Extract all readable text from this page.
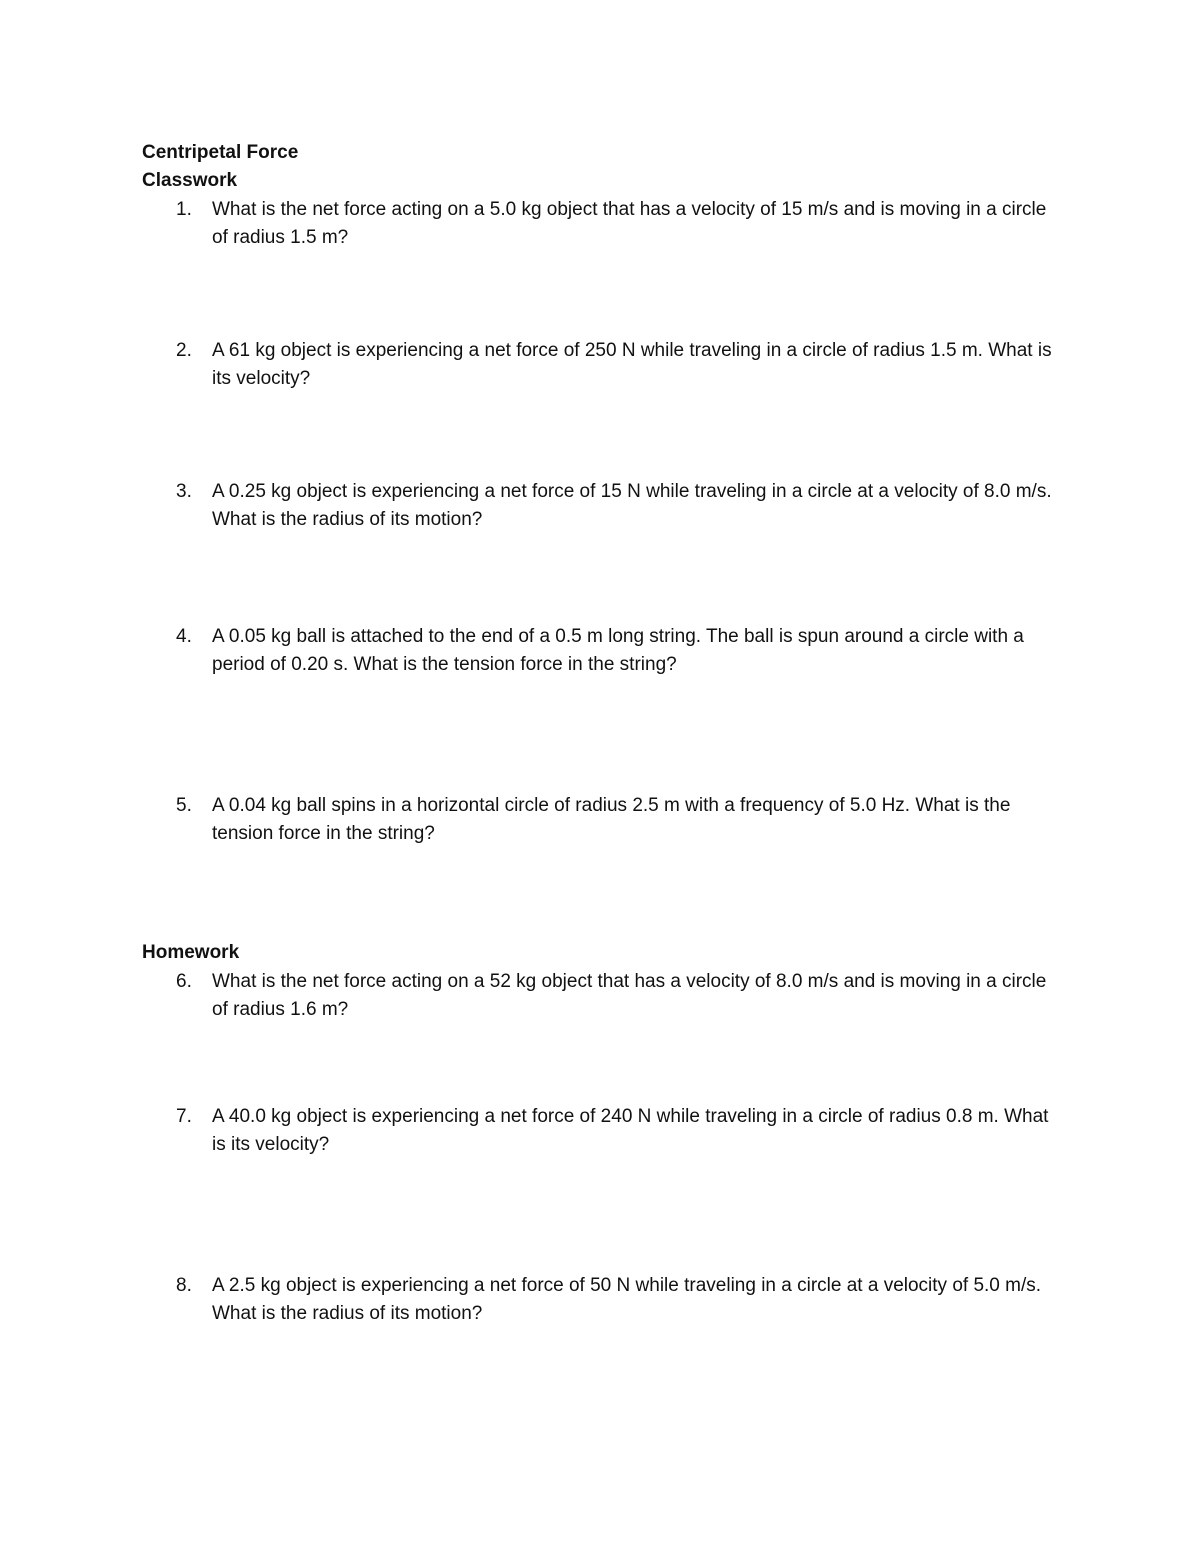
Centripetal Force
Classwork
1.	What is the net force acting on a 5.0 kg object that has a velocity of 15 m/s and is moving in a circle of radius 1.5 m?

2.	A 61 kg object is experiencing a net force of 250 N while traveling in a circle of radius 1.5 m. What is its velocity?

3.	A 0.25 kg object is experiencing a net force of 15 N while traveling in a circle at a velocity of 8.0 m/s. What is the radius of its motion?

4.	A 0.05 kg ball is attached to the end of a 0.5 m long string. The ball is spun around a circle with a period of 0.20 s. What is the tension force in the string?

5.	A 0.04 kg ball spins in a horizontal circle of radius 2.5 m with a frequency of 5.0 Hz. What is the tension force in the string?

Homework
6.	What is the net force acting on a 52 kg object that has a velocity of 8.0 m/s and is moving in a circle of radius 1.6 m?

7.	A 40.0 kg object is experiencing a net force of 240 N while traveling in a circle of radius 0.8 m. What is its velocity?

8.	A 2.5 kg object is experiencing a net force of 50 N while traveling in a circle at a velocity of 5.0 m/s. What is the radius of its motion?
